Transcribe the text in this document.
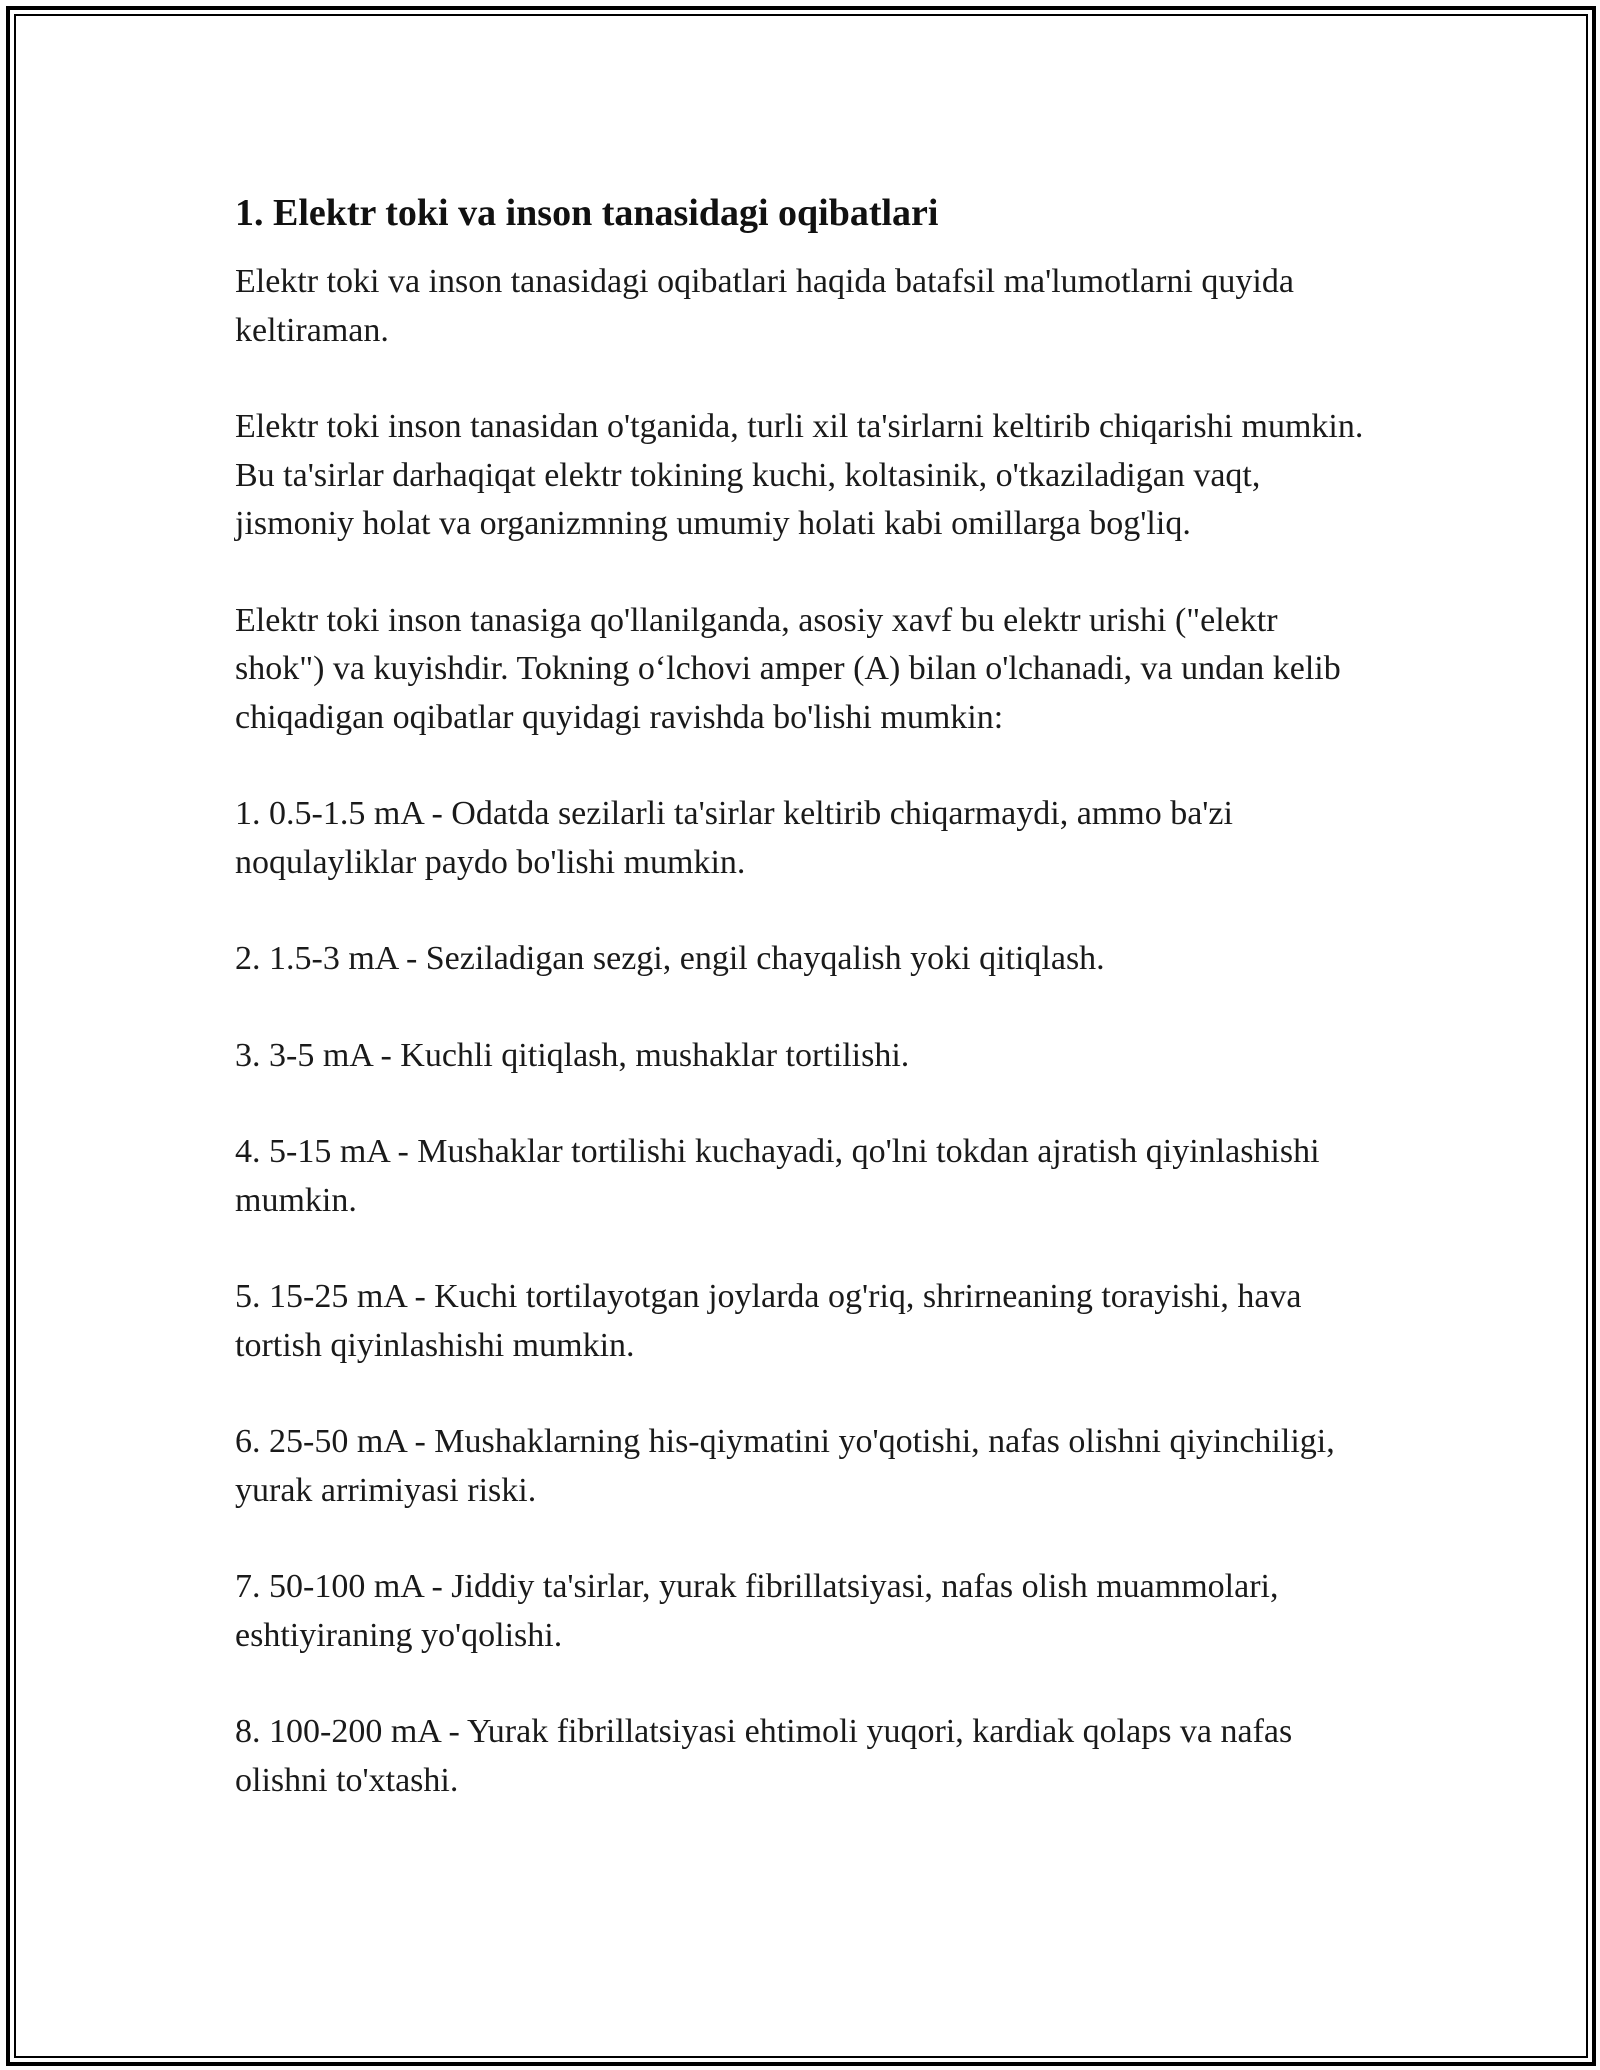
1. Elektr toki va inson tanasidagi oqibatlari

Elektr toki va inson tanasidagi oqibatlari haqida batafsil ma'lumotlarni quyida keltiraman.

Elektr toki inson tanasidan o'tganida, turli xil ta'sirlarni keltirib chiqarishi mumkin. Bu ta'sirlar darhaqiqat elektr tokining kuchi, koltasinik, o'tkaziladigan vaqt, jismoniy holat va organizmning umumiy holati kabi omillarga bog'liq.

Elektr toki inson tanasiga qo'llanilganda, asosiy xavf bu elektr urishi ("elektr shok") va kuyishdir. Tokning o‘lchovi amper (A) bilan o'lchanadi, va undan kelib chiqadigan oqibatlar quyidagi ravishda bo'lishi mumkin:

1. 0.5-1.5 mA - Odatda sezilarli ta'sirlar keltirib chiqarmaydi, ammo ba'zi noqulayliklar paydo bo'lishi mumkin.

2. 1.5-3 mA - Seziladigan sezgi, engil chayqalish yoki qitiqlash.

3. 3-5 mA - Kuchli qitiqlash, mushaklar tortilishi.

4. 5-15 mA - Mushaklar tortilishi kuchayadi, qo'lni tokdan ajratish qiyinlashishi mumkin.

5. 15-25 mA - Kuchi tortilayotgan joylarda og'riq, shrirneaning torayishi, hava tortish qiyinlashishi mumkin.

6. 25-50 mA - Mushaklarning his-qiymatini yo'qotishi, nafas olishni qiyinchiligi, yurak arrimiyasi riski.

7. 50-100 mA - Jiddiy ta'sirlar, yurak fibrillatsiyasi, nafas olish muammolari, eshtiyiraning yo'qolishi.

8. 100-200 mA - Yurak fibrillatsiyasi ehtimoli yuqori, kardiak qolaps va nafas olishni to'xtashi.
